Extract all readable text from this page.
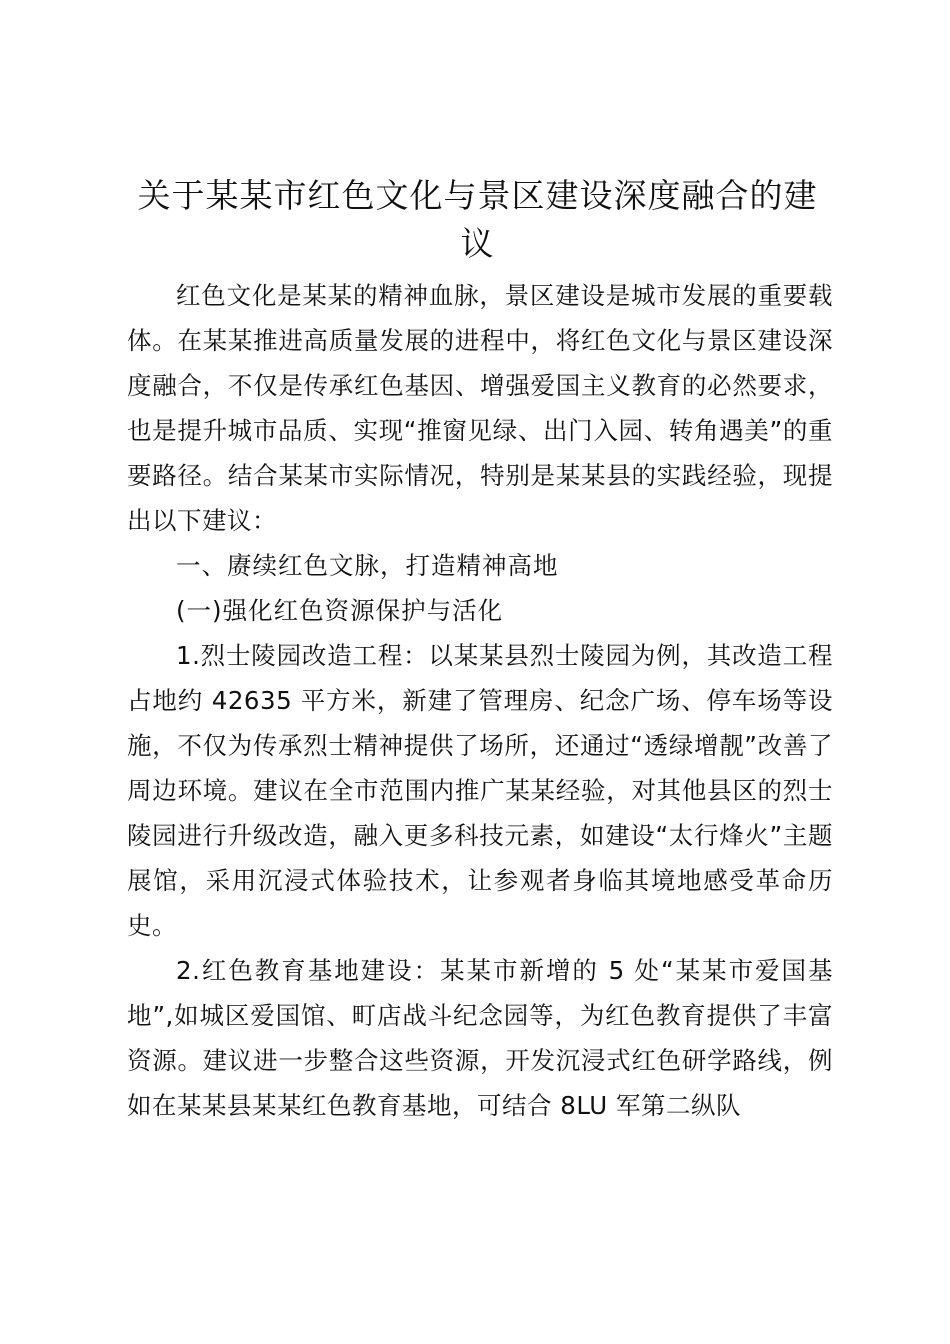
关于某某市红色文化与景区建设深度融合的建议

红色文化是某某的精神血脉，景区建设是城市发展的重要载体。在某某推进高质量发展的进程中，将红色文化与景区建设深度融合，不仅是传承红色基因、增强爱国主义教育的必然要求，也是提升城市品质、实现“推窗见绿、出门入园、转角遇美”的重要路径。结合某某市实际情况，特别是某某县的实践经验，现提出以下建议：

一、赓续红色文脉，打造精神高地

(一)强化红色资源保护与活化

1.烈士陵园改造工程：以某某县烈士陵园为例，其改造工程占地约 42635 平方米，新建了管理房、纪念广场、停车场等设施，不仅为传承烈士精神提供了场所，还通过“透绿增靓”改善了周边环境。建议在全市范围内推广某某经验，对其他县区的烈士陵园进行升级改造，融入更多科技元素，如建设“太行烽火”主题展馆，采用沉浸式体验技术，让参观者身临其境地感受革命历史。

2.红色教育基地建设：某某市新增的 5 处“某某市爱国基地”,如城区爱国馆、町店战斗纪念园等，为红色教育提供了丰富资源。建议进一步整合这些资源，开发沉浸式红色研学路线，例如在某某县某某红色教育基地，可结合 8LU 军第二纵队
